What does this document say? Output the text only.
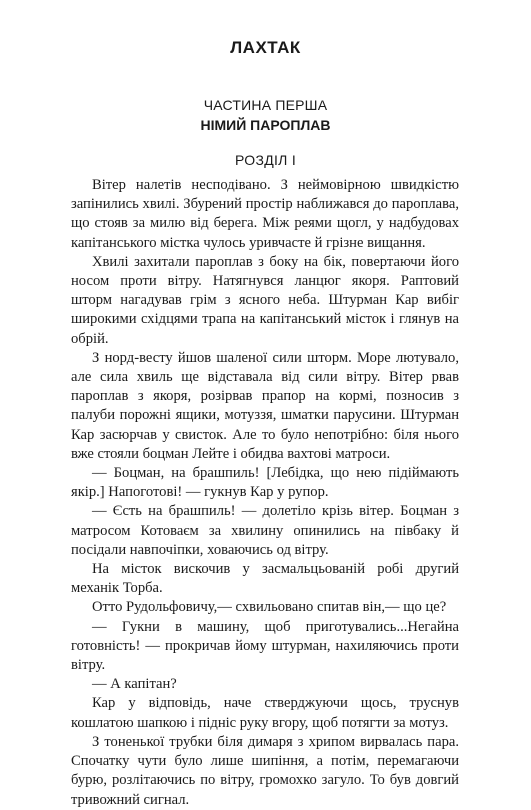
ЛАХТАК
ЧАСТИНА ПЕРША
НІМИЙ ПАРОПЛАВ
РОЗДІЛ І

Вітер налетів несподівано. З неймовірною швидкістю запінились хвилі. Збурений простір наближався до пароплава, що стояв за милю від берега. Між реями щогл, у надбудовах капітанського містка чулось уривчасте й грізне вищання.

Хвилі захитали пароплав з боку на бік, повертаючи його носом проти вітру. Натягнувся ланцюг якоря. Раптовий шторм нагадував грім з ясного неба. Штурман Кар вибіг широкими східцями трапа на капітанський місток і глянув на обрій.

З норд-весту йшов шаленої сили шторм. Море лютувало, але сила хвиль ще відставала від сили вітру. Вітер рвав пароплав з якоря, розірвав прапор на кормі, позносив з палуби порожні ящики, мотуззя, шматки парусини. Штурман Кар засюрчав у свисток. Але то було непотрібно: біля нього вже стояли боцман Лейте і обидва вахтові матроси.

— Боцман, на брашпиль! [Лебідка, що нею підіймають якір.] Напоготові! — гукнув Кар у рупор.

— Єсть на брашпиль! — долетіло крізь вітер. Боцман з матросом Котоваєм за хвилину опинились на півбаку й посідали навпочіпки, ховаючись од вітру.

На місток вискочив у засмальцьованій робі другий механік Торба.

Отто Рудольфовичу,— схвильовано спитав він,— що це?

— Гукни в машину, щоб приготувались...Негайна готовність! — прокричав йому штурман, нахиляючись проти вітру.

— А капітан?

Кар у відповідь, наче стверджуючи щось, труснув кошлатою шапкою і підніс руку вгору, щоб потягти за мотуз.

З тоненької трубки біля димаря з хрипом вирвалась пара. Спочатку чути було лише шипіння, а потім, перемагаючи бурю, розлітаючись по вітру, громохко загуло. То був довгий тривожний сигнал.
